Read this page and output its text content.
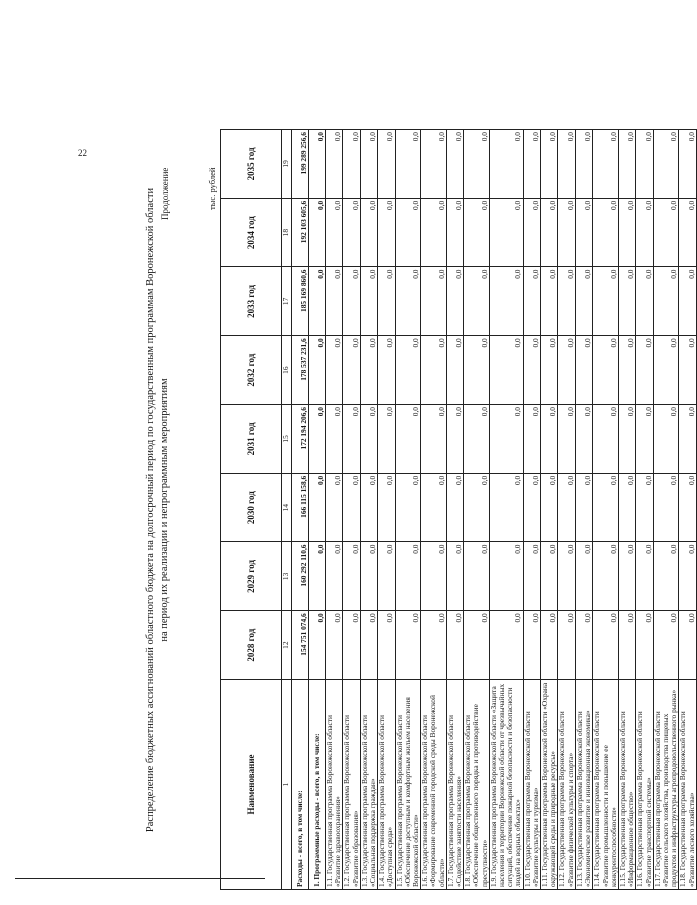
22
Продолжение
Распределение бюджетных ассигнований областного бюджета на долгосрочный период по государственным программам Воронежской области на период их реализации и непрограммным мероприятиям
тыс. рублей
Наименование	2028 год	2029 год	2030 год	2031 год	2032 год	2033 год	2034 год	2035 год
1	12	13	14	15	16	17	18	19
Расходы - всего, в том числе:	154 751 074,6	160 292 110,6	166 115 158,6	172 194 206,6	178 537 231,6	185 169 860,6	192 103 605,6	199 289 256,6
1. Программные расходы - всего, в том числе:	0,0	0,0	0,0	0,0	0,0	0,0	0,0	0,0
1.1. Государственная программа Воронежской области «Развитие здравоохранения»	0,0	0,0	0,0	0,0	0,0	0,0	0,0	0,0
1.2. Государственная программа Воронежской области «Развитие образования»	0,0	0,0	0,0	0,0	0,0	0,0	0,0	0,0
1.3. Государственная программа Воронежской области «Социальная поддержка граждан»	0,0	0,0	0,0	0,0	0,0	0,0	0,0	0,0
1.4. Государственная программа Воронежской области «Доступная среда»	0,0	0,0	0,0	0,0	0,0	0,0	0,0	0,0
1.5. Государственная программа Воронежской области «Обеспечение доступным и комфортным жильем населения Воронежской области»	0,0	0,0	0,0	0,0	0,0	0,0	0,0	0,0
1.6. Государственная программа Воронежской области «Формирование современной городской среды Воронежской области»	0,0	0,0	0,0	0,0	0,0	0,0	0,0	0,0
1.7. Государственная программа Воронежской области «Содействие занятости населения»	0,0	0,0	0,0	0,0	0,0	0,0	0,0	0,0
1.8. Государственная программа Воронежской области «Обеспечение общественного порядка и противодействие преступности»	0,0	0,0	0,0	0,0	0,0	0,0	0,0	0,0
1.9. Государственная программа Воронежской области «Защита населения и территории Воронежской области от чрезвычайных ситуаций, обеспечение пожарной безопасности и безопасности людей на водных объектах»	0,0	0,0	0,0	0,0	0,0	0,0	0,0	0,0
1.10. Государственная программа Воронежской области «Развитие культуры и туризма»	0,0	0,0	0,0	0,0	0,0	0,0	0,0	0,0
1.11. Государственная программа Воронежской области «Охрана окружающей среды и природные ресурсы»	0,0	0,0	0,0	0,0	0,0	0,0	0,0	0,0
1.12. Государственная программа Воронежской области «Развитие физической культуры и спорта»	0,0	0,0	0,0	0,0	0,0	0,0	0,0	0,0
1.13. Государственная программа Воронежской области «Экономическое развитие и инновационная экономика»	0,0	0,0	0,0	0,0	0,0	0,0	0,0	0,0
1.14. Государственная программа Воронежской области «Развитие промышленности и повышение ее конкурентоспособности»	0,0	0,0	0,0	0,0	0,0	0,0	0,0	0,0
1.15. Государственная программа Воронежской области «Информационное общество»	0,0	0,0	0,0	0,0	0,0	0,0	0,0	0,0
1.16. Государственная программа Воронежской области «Развитие транспортной системы»	0,0	0,0	0,0	0,0	0,0	0,0	0,0	0,0
1.17. Государственная программа Воронежской области «Развитие сельского хозяйства, производства пищевых продуктов и инфраструктуры агропродовольственного рынка»	0,0	0,0	0,0	0,0	0,0	0,0	0,0	0,0
1.18. Государственная программа Воронежской области «Развитие лесного хозяйства»	0,0	0,0	0,0	0,0	0,0	0,0	0,0	0,0
